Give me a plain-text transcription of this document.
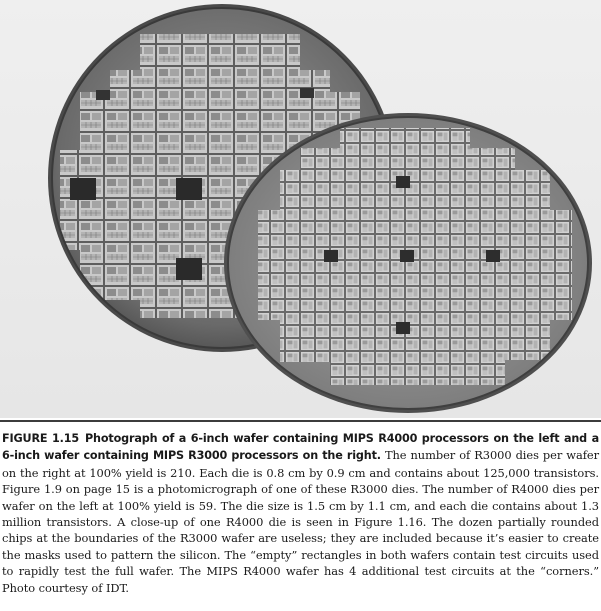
FIGURE 1.15 Photograph of a 6-inch wafer containing MIPS R4000 processors on the left and a 6-inch wafer containing MIPS R3000 processors on the right. The number of R3000 dies per wafer on the right at 100% yield is 210. Each die is 0.8 cm by 0.9 cm and contains about 125,000 transistors. Figure 1.9 on page 15 is a photomicrograph of one of these R3000 dies. The number of R4000 dies per wafer on the left at 100% yield is 59. The die size is 1.5 cm by 1.1 cm, and each die contains about 1.3 million transistors. A close-up of one R4000 die is seen in Figure 1.16. The dozen partially rounded chips at the boundaries of the R3000 wafer are useless; they are included because it’s easier to create the masks used to pattern the silicon. The “empty” rectangles in both wafers contain test circuits used to rapidly test the full wafer. The MIPS R4000 wafer has 4 additional test circuits at the “corners.” Photo courtesy of IDT.
